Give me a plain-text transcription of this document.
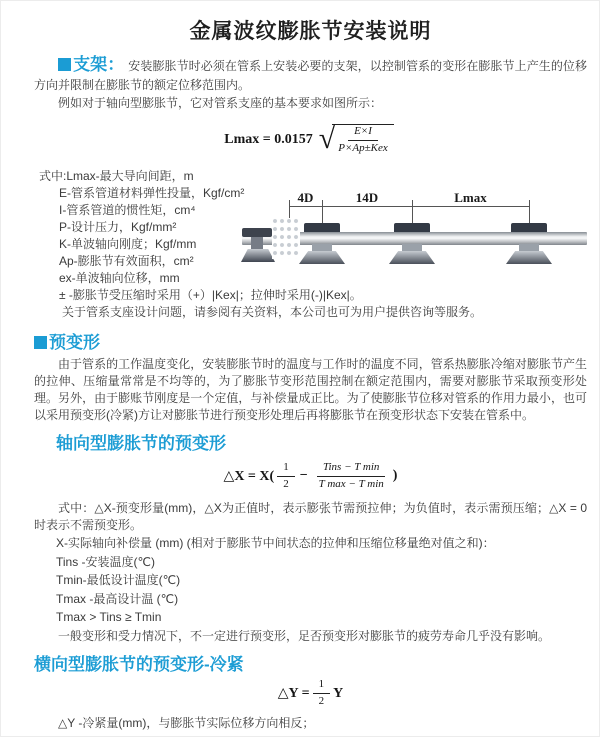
金属波纹膨胀节安装说明

支架： 安装膨胀节时必须在管系上安装必要的支架，以控制管系的变形在膨胀节上产生的位移方向并限制在膨胀节的额定位移范围内。

例如对于轴向型膨胀节，它对管系支座的基本要求如图所示：

Lmax = 0.0157 √
$\frac{E\times I}{\text{P×Ap±Kex}}$
式中:Lmax-最大导向间距，m
E-管系管道材料弹性投量，Kgf/cm²
I-管系管道的惯性矩，cm⁴
P-设计压力，Kgf/mm²
K-单波轴向刚度；Kgf/mm
Ap-膨胀节有效面积，cm²
ex-单波轴向位移，mm
± -膨胀节受压缩时采用（+）|Kex|；拉伸时采用(-)|Kex|。
关于管系支座设计问题，请参阅有关资料，本公司也可为用户提供咨询等服务。
4D	14D	Lmax
预变形

由于管系的工作温度变化，安装膨胀节时的温度与工作时的温度不同，管系热膨胀冷缩对膨胀节产生的拉伸、压缩量常常是不均等的，为了膨胀节变形范围控制在额定范围内，需要对膨胀节采取预变形处理。另外，由于膨账节刚度是一个定值，与补偿量成正比。为了使膨胀节位移对管系的作用力最小，也可以采用预变形(冷紧)方让对膨胀节进行预变形处理后再将膨胀节在预变形状态下安装在管系中。

轴向型膨胀节的预变形
△X = $X( \frac{1}{2} - \frac{\text{Tins − T min}}{\text{T max − T min}}$ )

式中：△X-预变形量(mm)，△X为正值时，表示膨张节需预拉伸；为负值时，表示需预压缩；△X = 0时表示不需预变形。

X-实际轴向补偿量 (mm) (相对于膨胀节中间状态的拉伸和压缩位移量绝对值之和)：
Tins -安装温度(℃)
Tmin-最低设计温度(℃)
Tmax -最高设计温 (℃)
Tmax > Tins ≥ Tmin

一般变形和受力情况下，不一定进行预变形，足否预变形对膨胀节的疲劳寿命几乎没有影响。

横向型膨胀节的预变形-冷紧
△Y = $\frac{1}{2}$ Y

△Y -冷紧量(mm)，与膨胀节实际位移方向相反；
